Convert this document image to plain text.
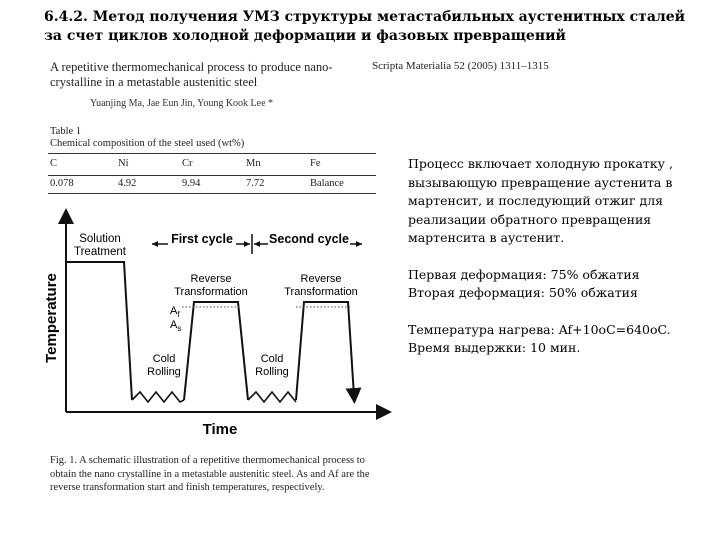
6.4.2. Метод получения УМЗ структуры метастабильных аустенитных сталей за счет циклов холодной деформации и фазовых превращений
A repetitive thermomechanical process to produce nano-crystalline in a metastable austenitic steel
Scripta Materialia 52 (2005) 1311–1315
Yuanjing Ma, Jae Eun Jin, Young Kook Lee *
Table 1
Chemical composition of the steel used (wt%)
C	Ni	Cr	Mn	Fe
0.078	4.92	9.94	7.72	Balance
Temperature
Time
First cycle	Second cycle
$A_f$
$A_s$
Solution Treatment
Reverse Transformation
Reverse Transformation
Cold Rolling
Cold Rolling
Fig. 1. A schematic illustration of a repetitive thermomechanical process to obtain the nano crystalline in a metastable austenitic steel. As and Af are the reverse transformation start and finish temperatures, respectively.

Процесс включает холодную прокатку , вызывающую превращение аустенита в мартенсит, и последующий отжиг для реализации обратного превращения мартенсита в аустенит.

Первая деформация: 75% обжатия

Вторая деформация: 50% обжатия

Температура нагрева: Af+10oC=640oC.

Время выдержки: 10 мин.
